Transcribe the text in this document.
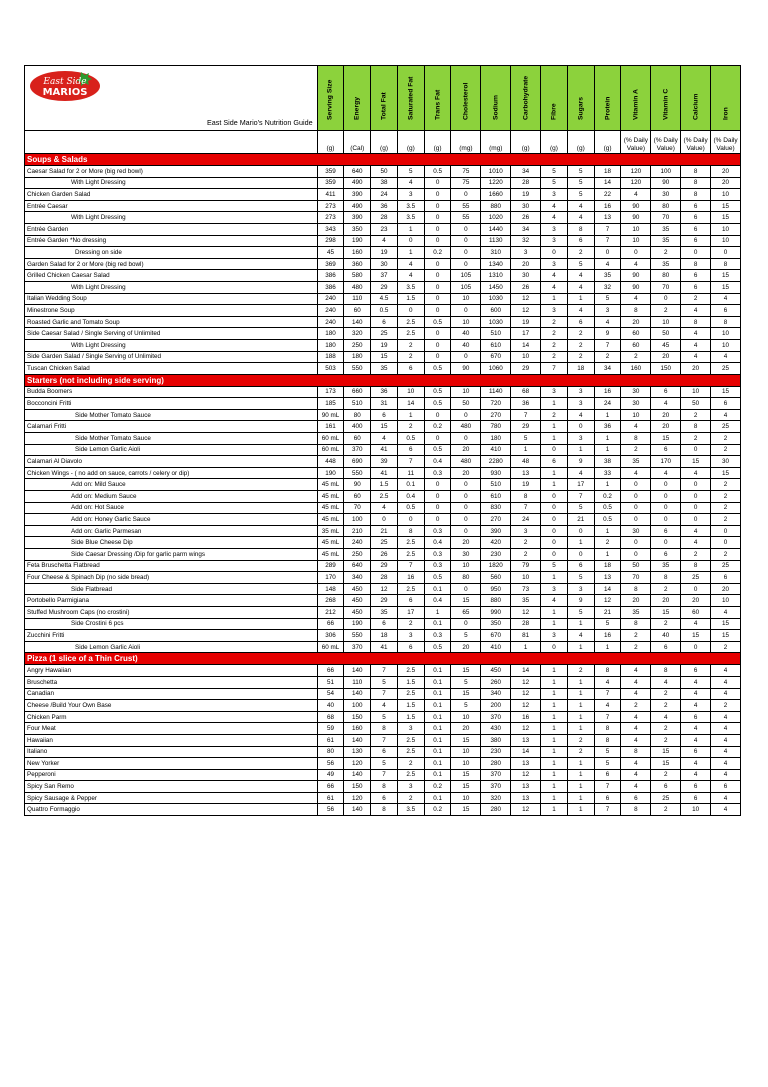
East Side
MARIOS
East Side Mario's Nutrition Guide	Serving Size	Energy	Total Fat	Saturated Fat	Trans Fat	Cholesterol	Sodium	Carbohydrate	Fibre	Sugars	Protein	Vitamin A	Vitamin C	Calcium	Iron

	(g)	(Cal)	(g)	(g)	(g)	(mg)	(mg)	(g)	(g)	(g)	(g)	(% Daily Value)	(% Daily Value)	(% Daily Value)	(% Daily Value)
Soups & Salads															
Caesar Salad for 2 or More (big red bowl)	359	640	50	5	0.5	75	1010	34	5	5	18	120	100	8	20
With Light Dressing	359	490	38	4	0	75	1220	28	5	5	14	120	90	8	20
Chicken Garden Salad	411	390	24	3	0	0	1660	19	3	5	22	4	30	8	10
Entrée Caesar	273	490	36	3.5	0	55	880	30	4	4	16	90	80	6	15
With Light Dressing	273	390	28	3.5	0	55	1020	26	4	4	13	90	70	6	15
Entrée Garden	343	350	23	1	0	0	1440	34	3	8	7	10	35	6	10
Entrée Garden *No dressing	298	190	4	0	0	0	1130	32	3	6	7	10	35	6	10
Dressing on side	45	160	19	1	0.2	0	310	3	0	2	0	0	2	0	0
Garden Salad for 2 or More (big red bowl)	369	360	30	4	0	0	1340	20	3	5	4	4	35	8	8
Grilled Chicken Caesar Salad	386	580	37	4	0	105	1310	30	4	4	35	90	80	6	15
With Light Dressing	386	480	29	3.5	0	105	1450	26	4	4	32	90	70	6	15
Italian Wedding Soup	240	110	4.5	1.5	0	10	1030	12	1	1	5	4	0	2	4
Minestrone Soup	240	60	0.5	0	0	0	600	12	3	4	3	8	2	4	6
Roasted Garlic and Tomato Soup	240	140	6	2.5	0.5	10	1030	19	2	6	4	20	10	8	8
Side Caesar Salad / Single Serving of Unlimited	180	320	25	2.5	0	40	510	17	2	2	9	60	50	4	10
With Light Dressing	180	250	19	2	0	40	610	14	2	2	7	60	45	4	10
Side Garden Salad / Single Serving of Unlimited	188	180	15	2	0	0	670	10	2	2	2	2	20	4	4
Tuscan Chicken Salad	503	550	35	6	0.5	90	1060	29	7	18	34	160	150	20	25
Starters (not including side serving)															
Budda Boomers	173	660	36	10	0.5	10	1140	68	3	3	16	30	6	10	15
Bocconcini Fritti	185	510	31	14	0.5	50	720	36	1	3	24	30	4	50	6
Side Mother Tomato Sauce	90 mL	80	6	1	0	0	270	7	2	4	1	10	20	2	4
Calamari Fritti	161	400	15	2	0.2	480	780	29	1	0	36	4	20	8	25
Side Mother Tomato Sauce	60 mL	60	4	0.5	0	0	180	5	1	3	1	8	15	2	2
Side Lemon Garlic Aioli	60 mL	370	41	6	0.5	20	410	1	0	1	1	2	6	0	2
Calamari Al Diavolo	448	690	39	7	0.4	480	2280	48	6	9	38	35	170	15	30
Chicken Wings - ( no add on sauce, carrots / celery or dip)	190	550	41	11	0.3	20	930	13	1	4	33	4	4	4	15
Add on: Mild Sauce	45 mL	90	1.5	0.1	0	0	510	19	1	17	1	0	0	0	2
Add on: Medium Sauce	45 mL	60	2.5	0.4	0	0	610	8	0	7	0.2	0	0	0	2
Add on: Hot Sauce	45 mL	70	4	0.5	0	0	830	7	0	5	0.5	0	0	0	2
Add on: Honey Garlic Sauce	45 mL	100	0	0	0	0	270	24	0	21	0.5	0	0	0	2
Add on: Garlic Parmesan	35 mL	210	21	8	0.3	0	390	3	0	0	1	30	6	4	0
Side Blue Cheese Dip	45 mL	240	25	2.5	0.4	20	420	2	0	1	2	0	0	4	0
Side Caesar Dressing /Dip for garlic parm wings	45 mL	250	26	2.5	0.3	30	230	2	0	0	1	0	6	2	2
Feta Bruschetta Flatbread	289	640	29	7	0.3	10	1820	79	5	6	18	50	35	8	25
Four Cheese & Spinach Dip (no side bread)	170	340	28	16	0.5	80	560	10	1	5	13	70	8	25	6
Side Flatbread	148	450	12	2.5	0.1	0	950	73	3	3	14	8	2	0	20
Portobello Parmigiana	268	450	29	6	0.4	15	880	35	4	9	12	20	20	20	10
Stuffed Mushroom Caps (no crostini)	212	450	35	17	1	65	990	12	1	5	21	35	15	60	4
Side Crostini 6 pcs	66	190	6	2	0.1	0	350	28	1	1	5	8	2	4	15
Zucchini Fritti	306	550	18	3	0.3	5	670	81	3	4	16	2	40	15	15
Side Lemon Garlic Aioli	60 mL	370	41	6	0.5	20	410	1	0	1	1	2	6	0	2
Pizza (1 slice of a Thin Crust)															
Angry Hawaiian	66	140	7	2.5	0.1	15	450	14	1	2	8	4	8	6	4
Bruschetta	51	110	5	1.5	0.1	5	260	12	1	1	4	4	4	4	4
Canadian	54	140	7	2.5	0.1	15	340	12	1	1	7	4	2	4	4
Cheese /Build Your Own Base	40	100	4	1.5	0.1	5	200	12	1	1	4	2	2	4	2
Chicken Parm	68	150	5	1.5	0.1	10	370	16	1	1	7	4	4	6	4
Four Meat	59	160	8	3	0.1	20	430	12	1	1	8	4	2	4	4
Hawaiian	61	140	7	2.5	0.1	15	380	13	1	2	8	4	2	4	4
Italiano	80	130	6	2.5	0.1	10	230	14	1	2	5	8	15	6	4
New Yorker	56	120	5	2	0.1	10	280	13	1	1	5	4	15	4	4
Pepperoni	49	140	7	2.5	0.1	15	370	12	1	1	6	4	2	4	4
Spicy San Remo	66	150	8	3	0.2	15	370	13	1	1	7	4	6	6	6
Spicy Sausage & Pepper	61	120	6	2	0.1	10	320	13	1	1	6	6	25	6	4
Quattro Formaggio	56	140	8	3.5	0.2	15	280	12	1	1	7	8	2	10	4
